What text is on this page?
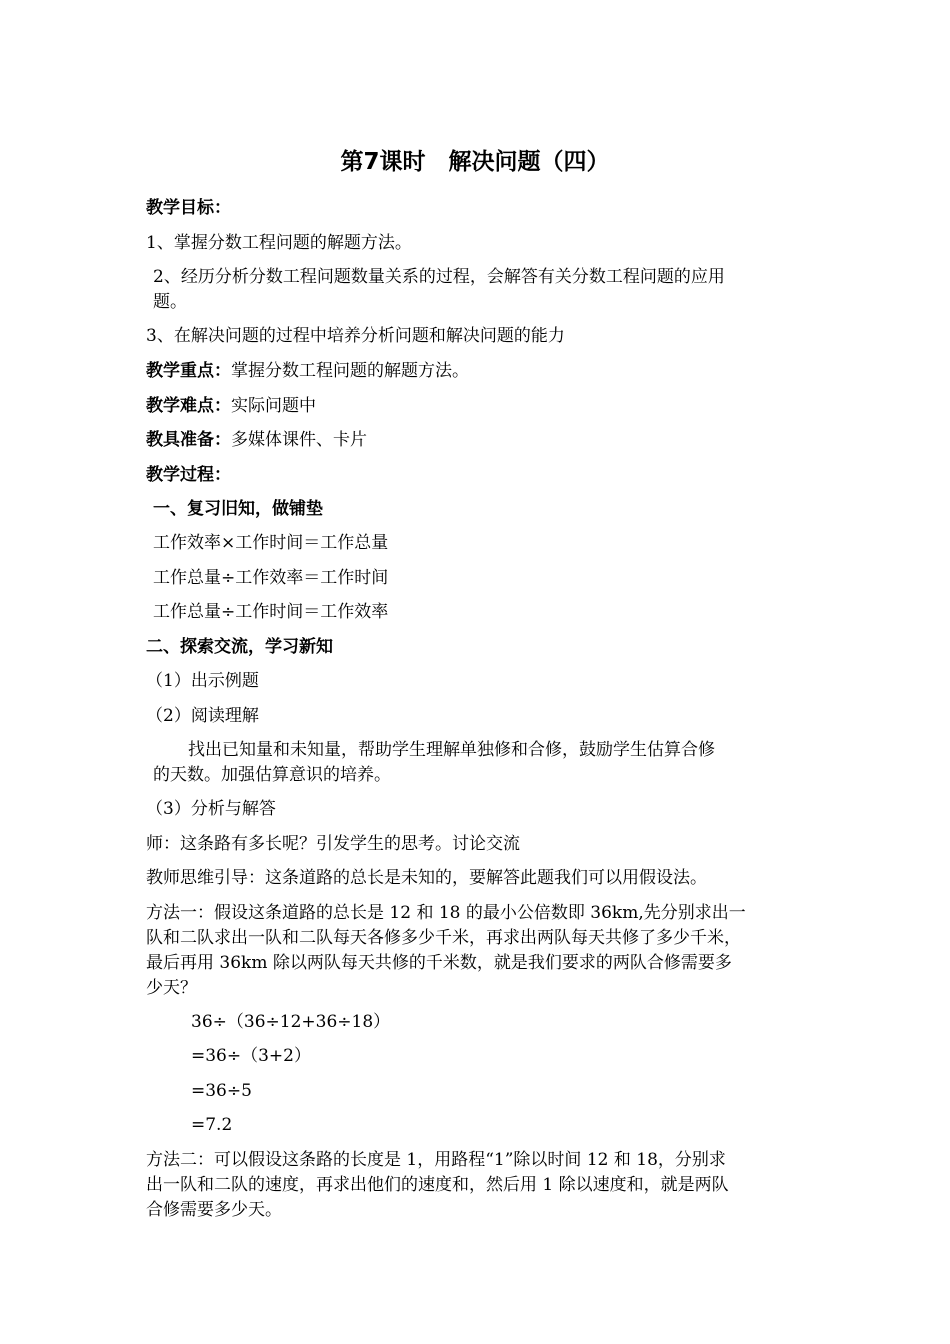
第7课时　解决问题（四）
教学目标：
1、掌握分数工程问题的解题方法。
2、经历分析分数工程问题数量关系的过程，会解答有关分数工程问题的应用
题。
3、在解决问题的过程中培养分析问题和解决问题的能力
教学重点：掌握分数工程问题的解题方法。
教学难点：实际问题中
教具准备：多媒体课件、卡片
教学过程：
一、复习旧知，做铺垫
工作效率×工作时间＝工作总量
工作总量÷工作效率＝工作时间
工作总量÷工作时间＝工作效率
二、探索交流，学习新知
（1）出示例题
（2）阅读理解
找出已知量和未知量，帮助学生理解单独修和合修，鼓励学生估算合修
的天数。加强估算意识的培养。
（3）分析与解答
师：这条路有多长呢？引发学生的思考。讨论交流
教师思维引导：这条道路的总长是未知的，要解答此题我们可以用假设法。
方法一：假设这条道路的总长是 12 和 18 的最小公倍数即 36km,先分别求出一
队和二队求出一队和二队每天各修多少千米，再求出两队每天共修了多少千米，
最后再用 36km 除以两队每天共修的千米数，就是我们要求的两队合修需要多
少天？
36÷（36÷12+36÷18）
=36÷（3+2）
=36÷5
=7.2
方法二：可以假设这条路的长度是 1，用路程“1”除以时间 12 和 18，分别求
出一队和二队的速度，再求出他们的速度和，然后用 1 除以速度和，就是两队
合修需要多少天。
